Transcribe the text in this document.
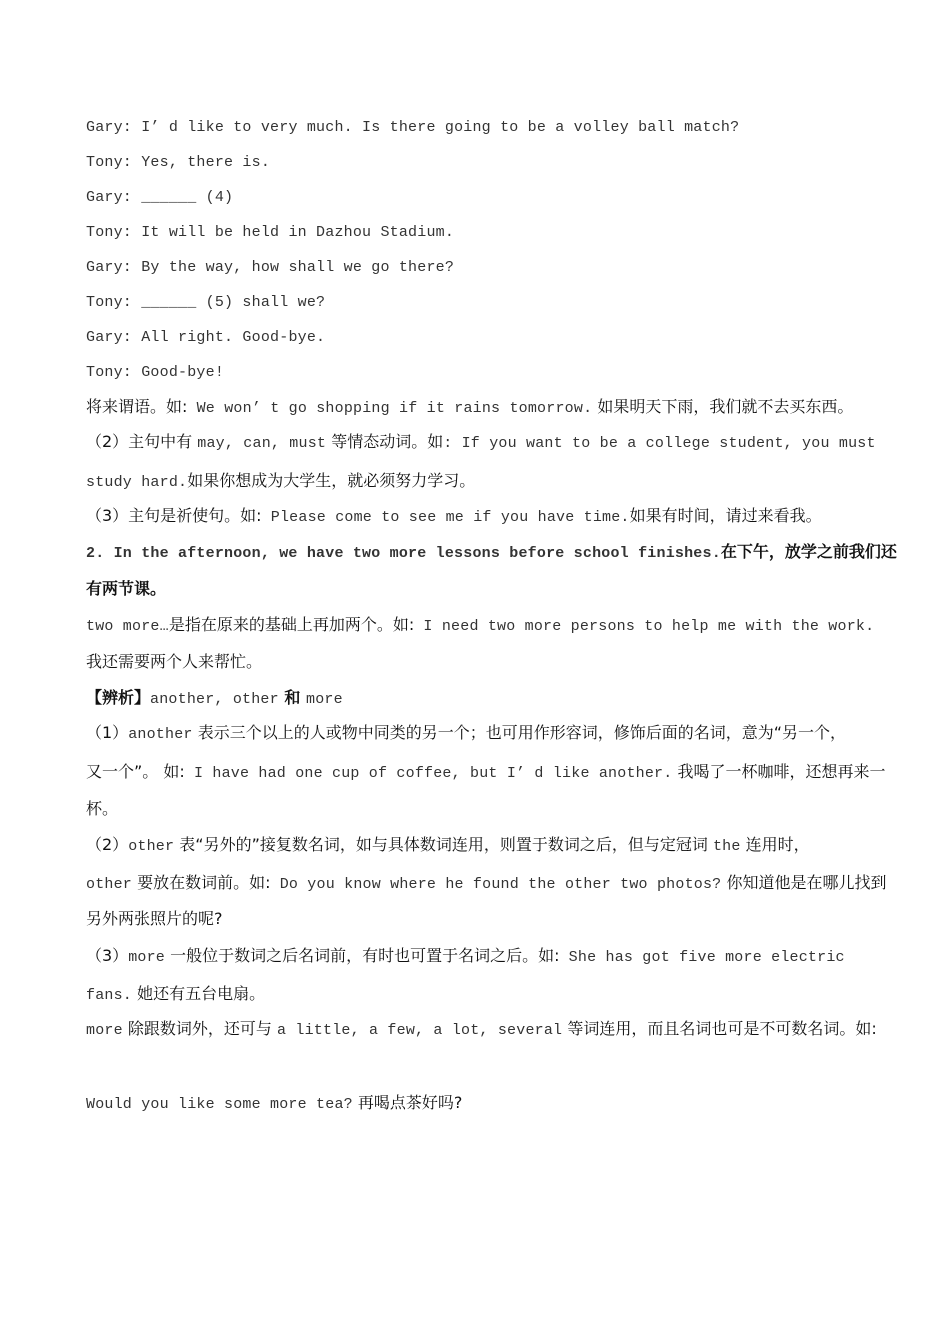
Gary: I’ d like to very much. Is there going to be a volley ball match?
Tony: Yes, there is.
Gary: ______ (4)
Tony: It will be held in Dazhou Stadium.
Gary: By the way, how shall we go there?
Tony: ______ (5) shall we?
Gary: All right. Good-bye.
Tony: Good-bye!
将来谓语。如: We won’ t go shopping if it rains tomorrow. 如果明天下雨，我们就不去买东西。
（2）主句中有 may, can, must 等情态动词。如: If you want to be a college student, you must
study hard.如果你想成为大学生，就必须努力学习。
（3）主句是祈使句。如: Please come to see me if you have time.如果有时间，请过来看我。
2. In the afternoon, we have two more lessons before school finishes.在下午，放学之前我们还
有两节课。
two more…是指在原来的基础上再加两个。如: I need two more persons to help me with the work.
我还需要两个人来帮忙。
【辨析】another, other 和 more
（1）another 表示三个以上的人或物中同类的另一个；也可用作形容词，修饰后面的名词，意为“另一个，
又一个”。 如: I have had one cup of coffee, but I’ d like another. 我喝了一杯咖啡，还想再来一
杯。
（2）other 表“另外的”接复数名词，如与具体数词连用，则置于数词之后，但与定冠词 the 连用时，
other 要放在数词前。如: Do you know where he found the other two photos? 你知道他是在哪儿找到
另外两张照片的呢?
（3）more 一般位于数词之后名词前，有时也可置于名词之后。如: She has got five more electric
fans. 她还有五台电扇。
more 除跟数词外，还可与 a little, a few, a lot, several 等词连用，而且名词也可是不可数名词。如:
Would you like some more tea? 再喝点茶好吗?
